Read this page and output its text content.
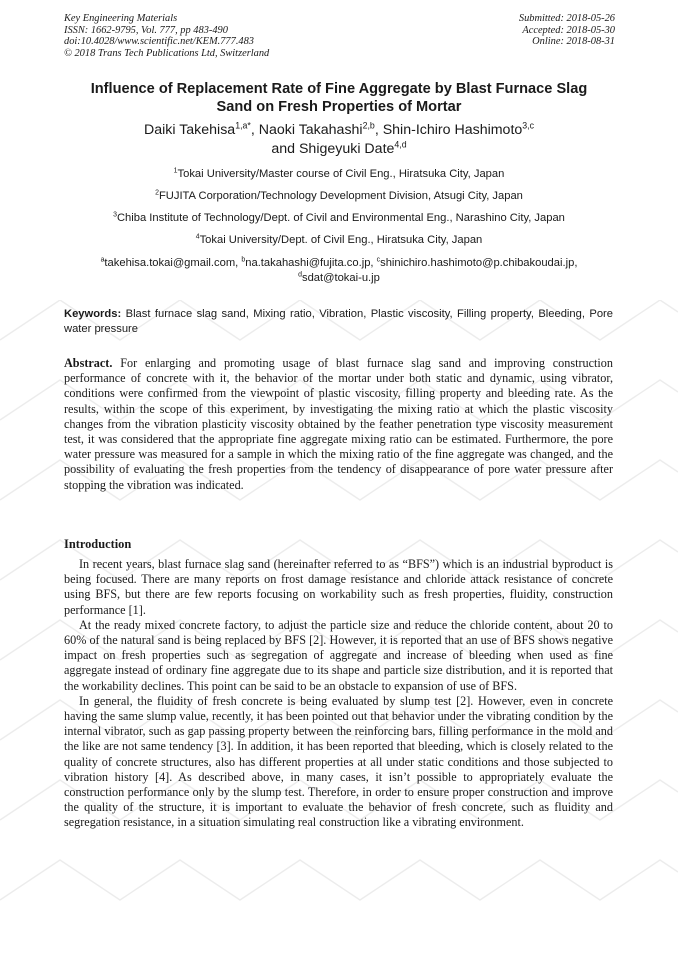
Key Engineering Materials
ISSN: 1662-9795, Vol. 777, pp 483-490
doi:10.4028/www.scientific.net/KEM.777.483
© 2018 Trans Tech Publications Ltd, Switzerland
Submitted: 2018-05-26
Accepted: 2018-05-30
Online: 2018-08-31
Influence of Replacement Rate of Fine Aggregate by Blast Furnace Slag
Sand on Fresh Properties of Mortar
Daiki Takehisa$^{1,a*}$, Naoki Takahashi$^{2,b}$, Shin-Ichiro Hashimoto$^{3,c}$
and Shigeyuki Date$^{4,d}$
$^1$Tokai University/Master course of Civil Eng., Hiratsuka City, Japan
$^2$FUJITA Corporation/Technology Development Division, Atsugi City, Japan
$^3$Chiba Institute of Technology/Dept. of Civil and Environmental Eng., Narashino City, Japan
$^4$Tokai University/Dept. of Civil Eng., Hiratsuka City, Japan
$^a$takehisa.tokai@gmail.com, $^b$na.takahashi@fujita.co.jp, $^c$shinichiro.hashimoto@p.chibakoudai.jp,
$^d$sdat@tokai-u.jp
Keywords: Blast furnace slag sand, Mixing ratio, Vibration, Plastic viscosity, Filling property, Bleeding, Pore water pressure
Abstract. For enlarging and promoting usage of blast furnace slag sand and improving construction performance of concrete with it, the behavior of the mortar under both static and dynamic, using vibrator, conditions were confirmed from the viewpoint of plastic viscosity, filling property and bleeding rate. As the results, within the scope of this experiment, by investigating the mixing ratio at which the plastic viscosity changes from the vibration plasticity viscosity obtained by the feather penetration type viscosity measurement test, it was considered that the appropriate fine aggregate mixing ratio can be estimated. Furthermore, the pore water pressure was measured for a sample in which the mixing ratio of the fine aggregate was changed, and the possibility of evaluating the fresh properties from the tendency of disappearance of pore water pressure after stopping the vibration was indicated.
Introduction

In recent years, blast furnace slag sand (hereinafter referred to as “BFS”) which is an industrial byproduct is being focused. There are many reports on frost damage resistance and chloride attack resistance of concrete using BFS, but there are few reports focusing on workability such as fresh properties, fluidity, construction performance [1].

At the ready mixed concrete factory, to adjust the particle size and reduce the chloride content, about 20 to 60% of the natural sand is being replaced by BFS [2]. However, it is reported that an use of BFS shows negative impact on fresh properties such as segregation of aggregate and increase of bleeding when used as fine aggregate instead of ordinary fine aggregate due to its shape and particle size distribution, and it is reported that the workability declines. This point can be said to be an obstacle to expansion of use of BFS.

In general, the fluidity of fresh concrete is being evaluated by slump test [2]. However, even in concrete having the same slump value, recently, it has been pointed out that behavior under the vibrating condition by the internal vibrator, such as gap passing property between the reinforcing bars, filling performance in the mold and the like are not same tendency [3]. In addition, it has been reported that bleeding, which is closely related to the quality of concrete structures, also has different properties at all under static conditions and those subjected to vibration history [4]. As described above, in many cases, it isn’t possible to appropriately evaluate the construction performance only by the slump test. Therefore, in order to ensure proper construction and improve the quality of the structure, it is important to evaluate the behavior of fresh concrete, such as fluidity and segregation resistance, in a situation simulating real construction like a vibrating environment.
